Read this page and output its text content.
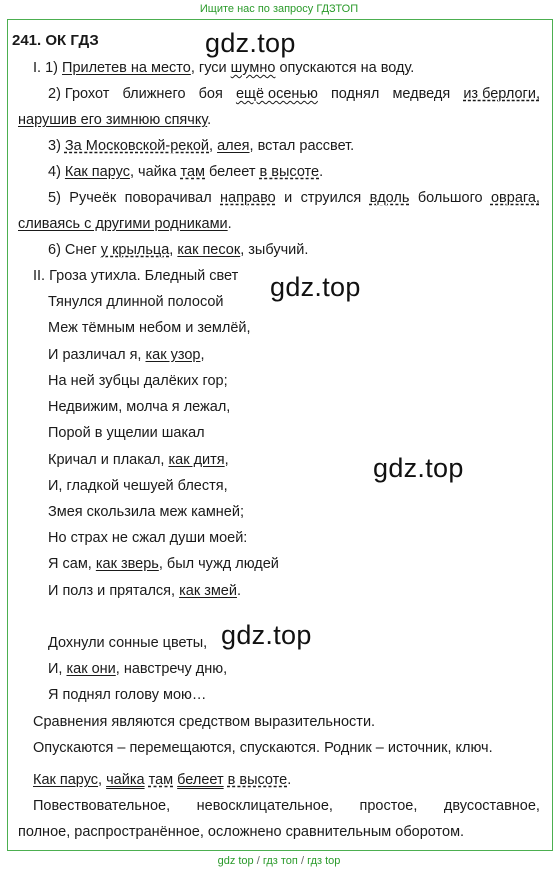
Ищите нас по запросу ГДЗТОП
241. ОК ГДЗ	gdz.top
gdz.top
gdz.top
gdz.top
I. 1) Прилетев на место, гуси шумно опускаются на воду.
2) Грохот ближнего боя ещё осенью поднял медведя из берлоги,
нарушив его зимнюю спячку.
3) За Московской-рекой, алея, встал рассвет.
4) Как парус, чайка там белеет в высоте.
5) Ручеёк поворачивал направо и струился вдоль большого оврага,
сливаясь с другими родниками.
6) Снег у крыльца, как песок, зыбучий.
II. Гроза утихла. Бледный свет
Тянулся длинной полосой
Меж тёмным небом и землёй,
И различал я, как узор,
На ней зубцы далёких гор;
Недвижим, молча я лежал,
Порой в ущелии шакал
Кричал и плакал, как дитя,
И, гладкой чешуей блестя,
Змея скользила меж камней;
Но страх не сжал души моей:
Я сам, как зверь, был чужд людей
И полз и прятался, как змей.
Дохнули сонные цветы,
И, как они, навстречу дню,
Я поднял голову мою…
Сравнения являются средством выразительности.
Опускаются – перемещаются, спускаются. Родник – источник, ключ.
Как парус, чайка там белеет в высоте.
Повествовательное, невосклицательное, простое, двусоставное,
полное, распространённое, осложнено сравнительным оборотом.
gdz top / гдз топ / гдз top
